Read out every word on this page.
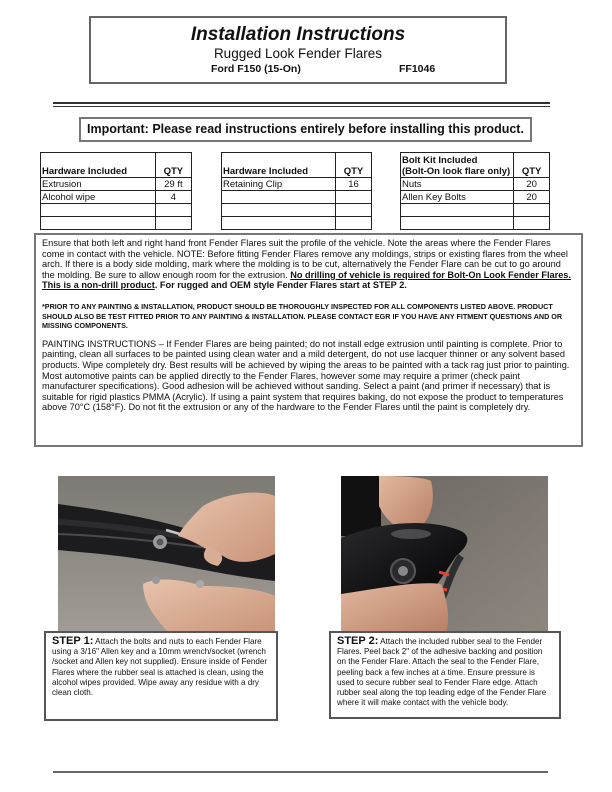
Installation Instructions
Rugged Look Fender Flares
Ford F150 (15-On)	FF1046
Important: Please read instructions entirely before installing this product.
Hardware Included	QTY
Extrusion	29 ft
Alcohol wipe	4

Hardware Included	QTY
Retaining Clip	16

Bolt Kit Included
(Bolt-On look flare only)	QTY
Nuts	20
Allen Key Bolts	20

Ensure that both left and right hand front Fender Flares suit the profile of the vehicle. Note the areas where the Fender Flares come in contact with the vehicle. NOTE: Before fitting Fender Flares remove any moldings, strips or existing flares from the wheel arch. If there is a body side molding, mark where the molding is to be cut, alternatively the Fender Flare can be cut to go around the molding. Be sure to allow enough room for the extrusion. No drilling of vehicle is required for Bolt-On Look Fender Flares. This is a non-drill product. For rugged and OEM style Fender Flares start at STEP 2.

*PRIOR TO ANY PAINTING & INSTALLATION, PRODUCT SHOULD BE THOROUGHLY INSPECTED FOR ALL COMPONENTS LISTED ABOVE. PRODUCT SHOULD ALSO BE TEST FITTED PRIOR TO ANY PAINTING & INSTALLATION. PLEASE CONTACT EGR IF YOU HAVE ANY FITMENT QUESTIONS AND OR MISSING COMPONENTS.

PAINTING INSTRUCTIONS – If Fender Flares are being painted; do not install edge extrusion until painting is complete. Prior to painting, clean all surfaces to be painted using clean water and a mild detergent, do not use lacquer thinner or any solvent based products. Wipe completely dry. Best results will be achieved by wiping the areas to be painted with a tack rag just prior to painting. Most automotive paints can be applied directly to the Fender Flares, however some may require a primer (check paint manufacturer specifications). Good adhesion will be achieved without sanding. Select a paint (and primer if necessary) that is suitable for rigid plastics PMMA (Acrylic). If using a paint system that requires baking, do not expose the product to temperatures above 70°C (158°F). Do not fit the extrusion or any of the hardware to the Fender Flares until the paint is completely dry.

STEP 1: Attach the bolts and nuts to each Fender Flare using a 3/16" Allen key and a 10mm wrench/socket (wrench /socket and Allen key not supplied). Ensure inside of Fender Flares where the rubber seal is attached is clean, using the alcohol wipes provided. Wipe away any residue with a dry clean cloth.
STEP 2: Attach the included rubber seal to the Fender Flares. Peel back 2" of the adhesive backing and position on the Fender Flare. Attach the seal to the Fender Flare, peeling back a few inches at a time. Ensure pressure is used to secure rubber seal to Fender Flare edge. Attach rubber seal along the top leading edge of the Fender Flare where it will make contact with the vehicle body.
